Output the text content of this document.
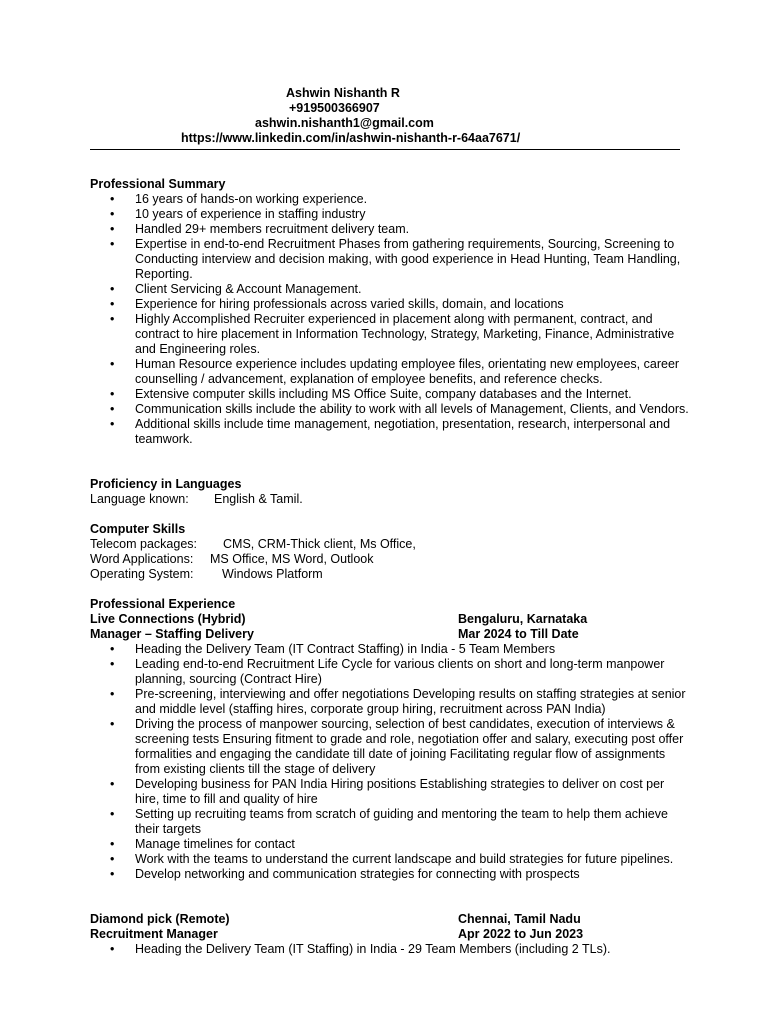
Ashwin Nishanth R
+919500366907
ashwin.nishanth1@gmail.com
https://www.linkedin.com/in/ashwin-nishanth-r-64aa7671/
Professional Summary
• 16 years of hands-on working experience.
• 10 years of experience in staffing industry
• Handled 29+ members recruitment delivery team.
• Expertise in end-to-end Recruitment Phases from gathering requirements, Sourcing, Screening to Conducting interview and decision making, with good experience in Head Hunting, Team Handling, Reporting.
• Client Servicing & Account Management.
• Experience for hiring professionals across varied skills, domain, and locations
• Highly Accomplished Recruiter experienced in placement along with permanent, contract, and contract to hire placement in Information Technology, Strategy, Marketing, Finance, Administrative and Engineering roles.
• Human Resource experience includes updating employee files, orientating new employees, career counselling / advancement, explanation of employee benefits, and reference checks.
• Extensive computer skills including MS Office Suite, company databases and the Internet.
• Communication skills include the ability to work with all levels of Management, Clients, and Vendors.
• Additional skills include time management, negotiation, presentation, research, interpersonal and teamwork.
Proficiency in Languages
Language known:	English & Tamil.
Computer Skills
Telecom packages:	CMS, CRM-Thick client, Ms Office,
Word Applications:	MS Office, MS Word, Outlook
Operating System:	Windows Platform
Professional Experience
Live Connections (Hybrid)	Bengaluru, Karnataka
Manager – Staffing Delivery	Mar 2024 to Till Date
• Heading the Delivery Team (IT Contract Staffing) in India - 5 Team Members
• Leading end-to-end Recruitment Life Cycle for various clients on short and long-term manpower planning, sourcing (Contract Hire)
• Pre-screening, interviewing and offer negotiations Developing results on staffing strategies at senior and middle level (staffing hires, corporate group hiring, recruitment across PAN India)
• Driving the process of manpower sourcing, selection of best candidates, execution of interviews & screening tests Ensuring fitment to grade and role, negotiation offer and salary, executing post offer formalities and engaging the candidate till date of joining Facilitating regular flow of assignments from existing clients till the stage of delivery
• Developing business for PAN India Hiring positions Establishing strategies to deliver on cost per hire, time to fill and quality of hire
• Setting up recruiting teams from scratch of guiding and mentoring the team to help them achieve their targets
• Manage timelines for contact
• Work with the teams to understand the current landscape and build strategies for future pipelines.
• Develop networking and communication strategies for connecting with prospects
Diamond pick (Remote)	Chennai, Tamil Nadu
Recruitment Manager	Apr 2022 to Jun 2023
• Heading the Delivery Team (IT Staffing) in India - 29 Team Members (including 2 TLs).
